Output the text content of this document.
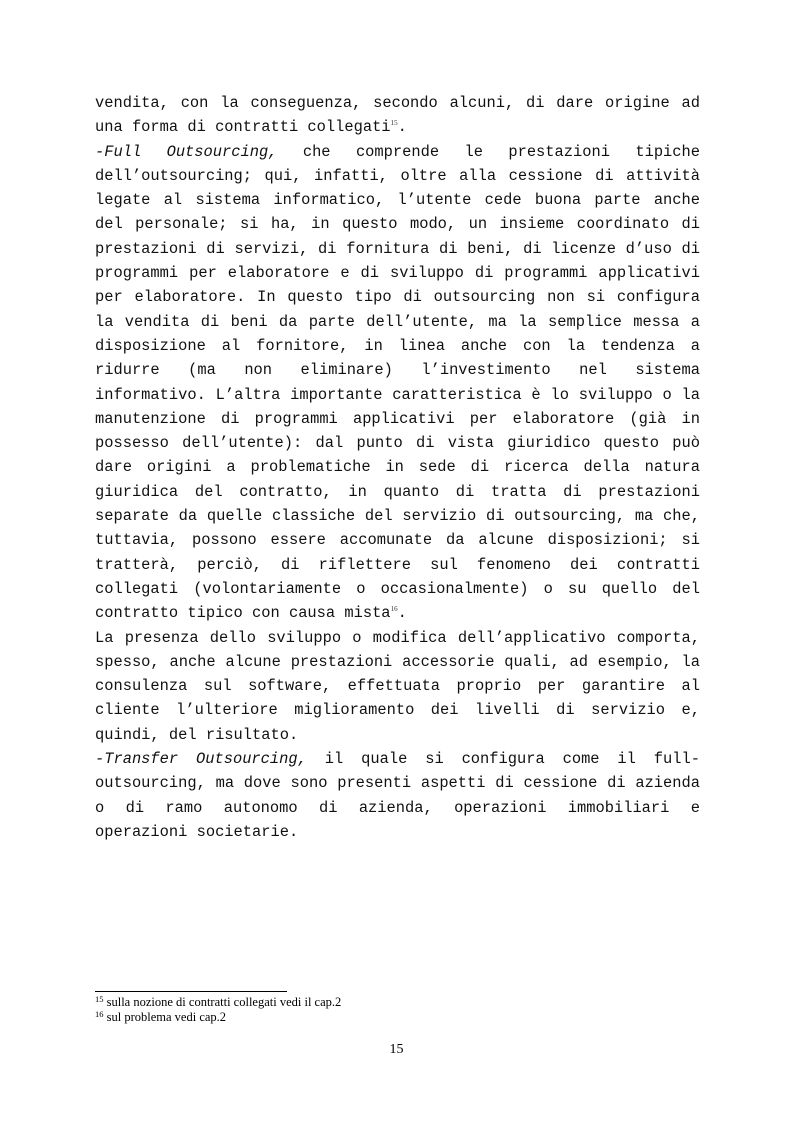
vendita, con la conseguenza, secondo alcuni, di dare origine ad una forma di contratti collegati$^{15}$.

-Full Outsourcing, che comprende le prestazioni tipiche dell’outsourcing; qui, infatti, oltre alla cessione di attività legate al sistema informatico, l’utente cede buona parte anche del personale; si ha, in questo modo, un insieme coordinato di prestazioni di servizi, di fornitura di beni, di licenze d’uso di programmi per elaboratore e di sviluppo di programmi applicativi per elaboratore. In questo tipo di outsourcing non si configura la vendita di beni da parte dell’utente, ma la semplice messa a disposizione al fornitore, in linea anche con la tendenza a ridurre (ma non eliminare) l’investimento nel sistema informativo. L’altra importante caratteristica è lo sviluppo o la manutenzione di programmi applicativi per elaboratore (già in possesso dell’utente): dal punto di vista giuridico questo può dare origini a problematiche in sede di ricerca della natura giuridica del contratto, in quanto di tratta di prestazioni separate da quelle classiche del servizio di outsourcing, ma che, tuttavia, possono essere accomunate da alcune disposizioni; si tratterà, perciò, di riflettere sul fenomeno dei contratti collegati (volontariamente o occasionalmente) o su quello del contratto tipico con causa mista$^{16}$.

La presenza dello sviluppo o modifica dell’applicativo comporta, spesso, anche alcune prestazioni accessorie quali, ad esempio, la consulenza sul software, effettuata proprio per garantire al cliente l’ulteriore miglioramento dei livelli di servizio e, quindi, del risultato.

-Transfer Outsourcing, il quale si configura come il full-outsourcing, ma dove sono presenti aspetti di cessione di azienda o di ramo autonomo di azienda, operazioni immobiliari e operazioni societarie.

$^{15}$ sulla nozione di contratti collegati vedi il cap.2
$^{16}$ sul problema vedi cap.2
15
